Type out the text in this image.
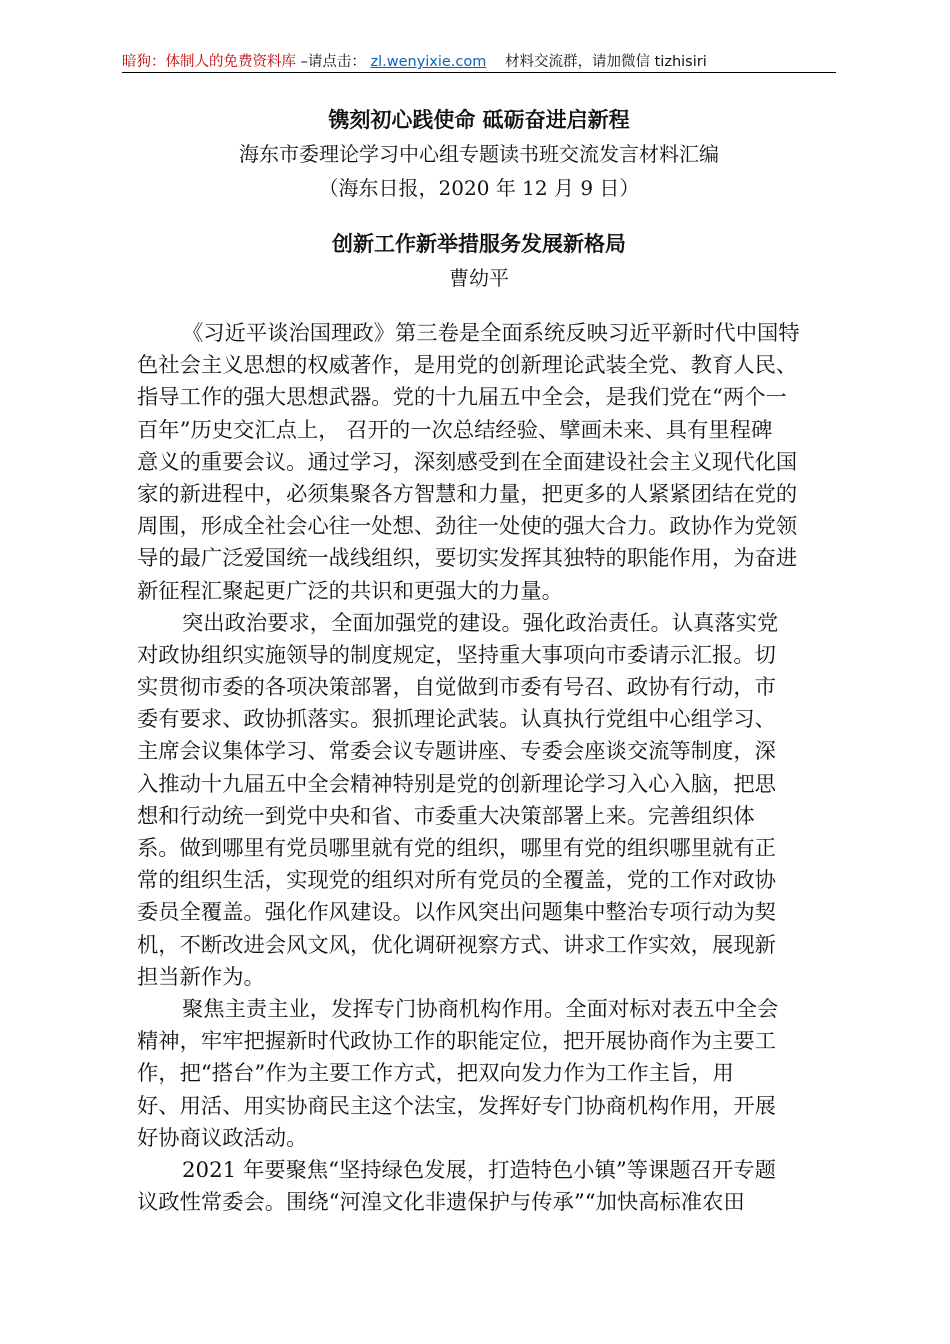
暗狗：体制人的免费资料库 –请点击： zl.wenyixie.com 材料交流群，请加微信 tizhisiri
镌刻初心践使命 砥砺奋进启新程
海东市委理论学习中心组专题读书班交流发言材料汇编
（海东日报，2020 年 12 月 9 日）
创新工作新举措服务发展新格局
曹幼平
《习近平谈治国理政》第三卷是全面系统反映习近平新时代中国特
色社会主义思想的权威著作，是用党的创新理论武装全党、教育人民、
指导工作的强大思想武器。党的十九届五中全会，是我们党在“两个一
百年”历史交汇点上， 召开的一次总结经验、擘画未来、具有里程碑
意义的重要会议。通过学习，深刻感受到在全面建设社会主义现代化国
家的新进程中，必须集聚各方智慧和力量，把更多的人紧紧团结在党的
周围，形成全社会心往一处想、劲往一处使的强大合力。政协作为党领
导的最广泛爱国统一战线组织，要切实发挥其独特的职能作用，为奋进
新征程汇聚起更广泛的共识和更强大的力量。
突出政治要求，全面加强党的建设。强化政治责任。认真落实党
对政协组织实施领导的制度规定，坚持重大事项向市委请示汇报。切
实贯彻市委的各项决策部署，自觉做到市委有号召、政协有行动，市
委有要求、政协抓落实。狠抓理论武装。认真执行党组中心组学习、
主席会议集体学习、常委会议专题讲座、专委会座谈交流等制度，深
入推动十九届五中全会精神特别是党的创新理论学习入心入脑，把思
想和行动统一到党中央和省、市委重大决策部署上来。完善组织体
系。做到哪里有党员哪里就有党的组织，哪里有党的组织哪里就有正
常的组织生活，实现党的组织对所有党员的全覆盖，党的工作对政协
委员全覆盖。强化作风建设。以作风突出问题集中整治专项行动为契
机，不断改进会风文风，优化调研视察方式、讲求工作实效，展现新
担当新作为。
聚焦主责主业，发挥专门协商机构作用。全面对标对表五中全会
精神，牢牢把握新时代政协工作的职能定位，把开展协商作为主要工
作，把“搭台”作为主要工作方式，把双向发力作为工作主旨，用
好、用活、用实协商民主这个法宝，发挥好专门协商机构作用，开展
好协商议政活动。
2021 年要聚焦“坚持绿色发展，打造特色小镇”等课题召开专题
议政性常委会。围绕“河湟文化非遗保护与传承”“加快高标准农田
